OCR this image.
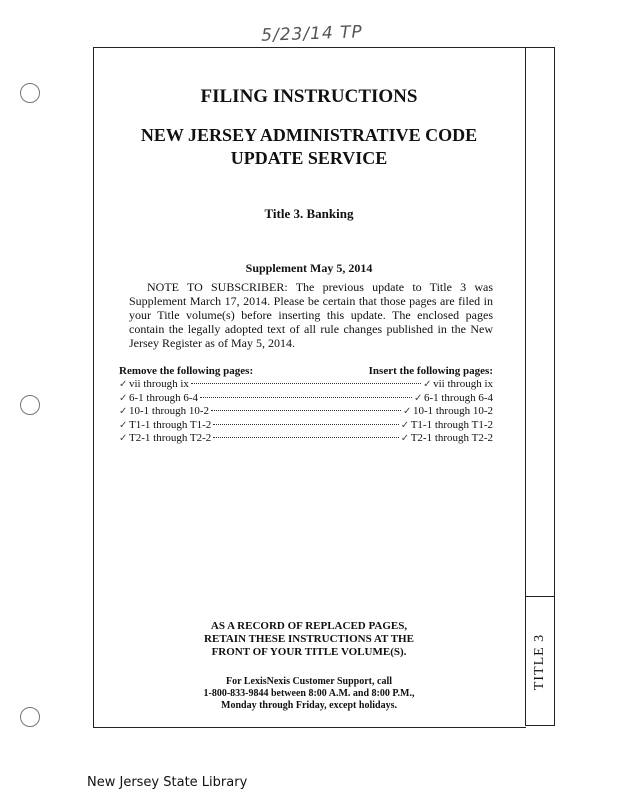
5/23/14 TP
TITLE 3
FILING INSTRUCTIONS
NEW JERSEY ADMINISTRATIVE CODE
UPDATE SERVICE
Title 3. Banking
Supplement May 5, 2014
NOTE TO SUBSCRIBER: The previous update to Title 3 was Supplement March 17, 2014. Please be certain that those pages are filed in your Title volume(s) before inserting this update. The enclosed pages contain the legally adopted text of all rule changes published in the New Jersey Register as of May 5, 2014.
Remove the following pages:	Insert the following pages:
✓ vii through ix	✓ vii through ix
✓ 6-1 through 6-4	✓ 6-1 through 6-4
✓ 10-1 through 10-2	✓ 10-1 through 10-2
✓ T1-1 through T1-2	✓ T1-1 through T1-2
✓ T2-1 through T2-2	✓ T2-1 through T2-2
AS A RECORD OF REPLACED PAGES,
RETAIN THESE INSTRUCTIONS AT THE
FRONT OF YOUR TITLE VOLUME(S).
For LexisNexis Customer Support, call
1-800-833-9844 between 8:00 A.M. and 8:00 P.M.,
Monday through Friday, except holidays.
New Jersey State Library
